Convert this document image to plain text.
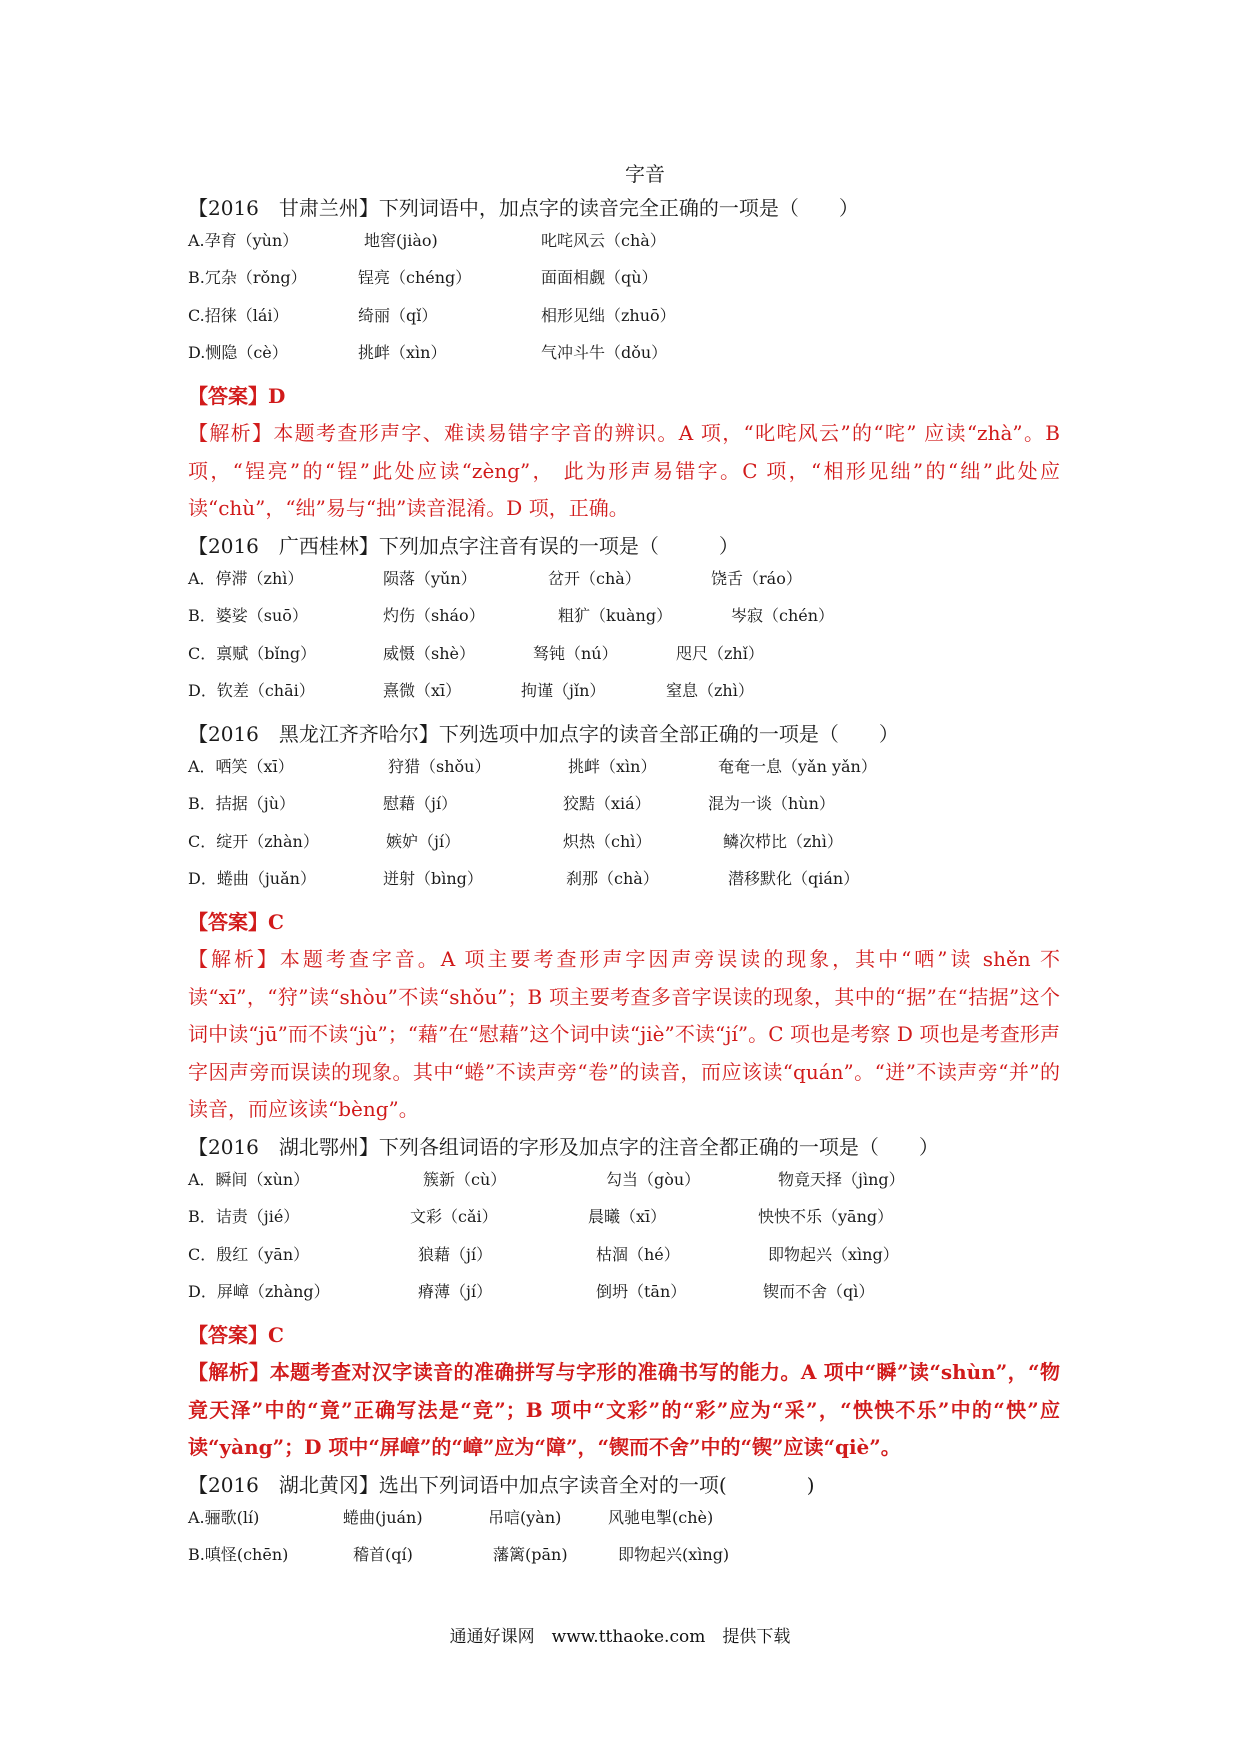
字音
【2016　甘肃兰州】下列词语中，加点字的读音完全正确的一项是（　　）
A.孕育（yùn）	地窖(jiào)	叱咤风云（chà）
B.冗杂（rǒng）	锃亮（chéng）	面面相觑（qù）
C.招徕（lái）	绮丽（qǐ）	相形见绌（zhuō）
D.恻隐（cè）	挑衅（xìn）	气冲斗牛（dǒu）
【答案】D
【解析】本题考查形声字、难读易错字字音的辨识。A 项，“叱咤风云”的“咤” 应读“zhà”。B 项，“锃亮”的“锃”此处应读“zèng”， 此为形声易错字。C 项，“相形见绌”的“绌”此处应读“chù”，“绌”易与“拙”读音混淆。D 项，正确。
【2016　广西桂林】下列加点字注音有误的一项是（　　　）
A．停滞（zhì）	陨落（yǔn）	岔开（chà）	饶舌（ráo）
B．婆娑（suō）	灼伤（sháo）	粗犷（kuàng）	岑寂（chén）
C．禀赋（bǐng）	威慑（shè）	驽钝（nú）	咫尺（zhǐ）
D．钦差（chāi）	熹微（xī）	拘谨（jǐn）	窒息（zhì）
【2016　黑龙江齐齐哈尔】下列选项中加点字的读音全部正确的一项是（　　）
A．哂笑（xī）	狩猎（shǒu）	挑衅（xìn）	奄奄一息（yǎn yǎn）
B．拮据（jù）	慰藉（jí）	狡黠（xiá）	混为一谈（hùn）
C．绽开（zhàn）	嫉妒（jí）	炽热（chì）	鳞次栉比（zhì）
D．蜷曲（juǎn）	迸射（bìng）	刹那（chà）	潜移默化（qián）
【答案】C
【解析】本题考查字音。A 项主要考查形声字因声旁误读的现象，其中“哂”读 shěn 不读“xī”，“狩”读“shòu”不读“shǒu”；B 项主要考查多音字误读的现象，其中的“据”在“拮据”这个词中读“jū”而不读“jù”；“藉”在“慰藉”这个词中读“jiè”不读“jí”。C 项也是考察 D 项也是考查形声字因声旁而误读的现象。其中“蜷”不读声旁“卷”的读音，而应该读“quán”。“迸”不读声旁“并”的读音，而应该读“bèng”。
【2016　湖北鄂州】下列各组词语的字形及加点字的注音全都正确的一项是（　　）
A．瞬间（xùn）	簇新（cù）	勾当（gòu）	物竟天择（jìng）
B．诘责（jié）	文彩（cǎi）	晨曦（xī）	怏怏不乐（yāng）
C．殷红（yān）	狼藉（jí）	枯涸（hé）	即物起兴（xìng）
D．屏嶂（zhàng）	瘠薄（jí）	倒坍（tān）	锲而不舍（qì）
【答案】C
【解析】本题考查对汉字读音的准确拼写与字形的准确书写的能力。A 项中“瞬”读“shùn”，“物竟天泽”中的“竟”正确写法是“竞”；B 项中“文彩”的“彩”应为“采”，“怏怏不乐”中的“怏”应读“yàng”；D 项中“屏嶂”的“嶂”应为“障”，“锲而不舍”中的“锲”应读“qiè”。
【2016　湖北黄冈】选出下列词语中加点字读音全对的一项(　　　　)
A.骊歌(lí)	蜷曲(juán)	吊唁(yàn)	风驰电掣(chè)
B.嗔怪(chēn)	稽首(qí)	藩篱(pān)	即物起兴(xìng)
通通好课网　www.tthaoke.com　提供下载
